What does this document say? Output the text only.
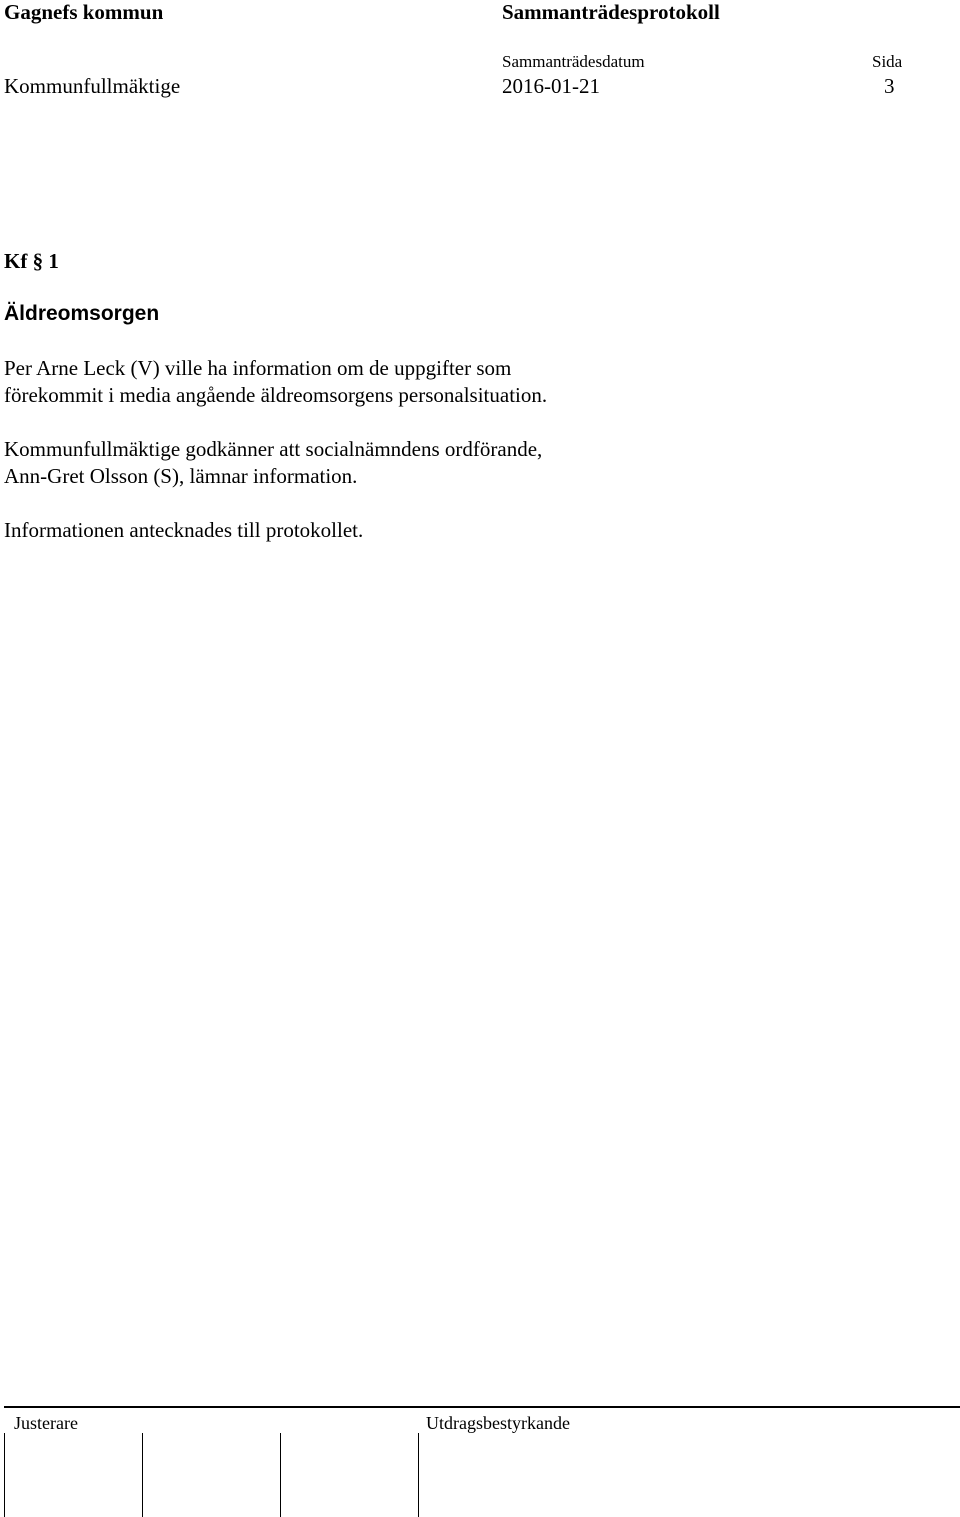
Gagnefs kommun	Sammanträdesprotokoll
Sammanträdesdatum	Sida
Kommunfullmäktige	2016-01-21	3
Kf § 1
Äldreomsorgen
Per Arne Leck (V) ville ha information om de uppgifter som
förekommit i media angående äldreomsorgens personalsituation.
Kommunfullmäktige godkänner att socialnämndens ordförande,
Ann-Gret Olsson (S), lämnar information.
Informationen antecknades till protokollet.
Justerare	Utdragsbestyrkande
